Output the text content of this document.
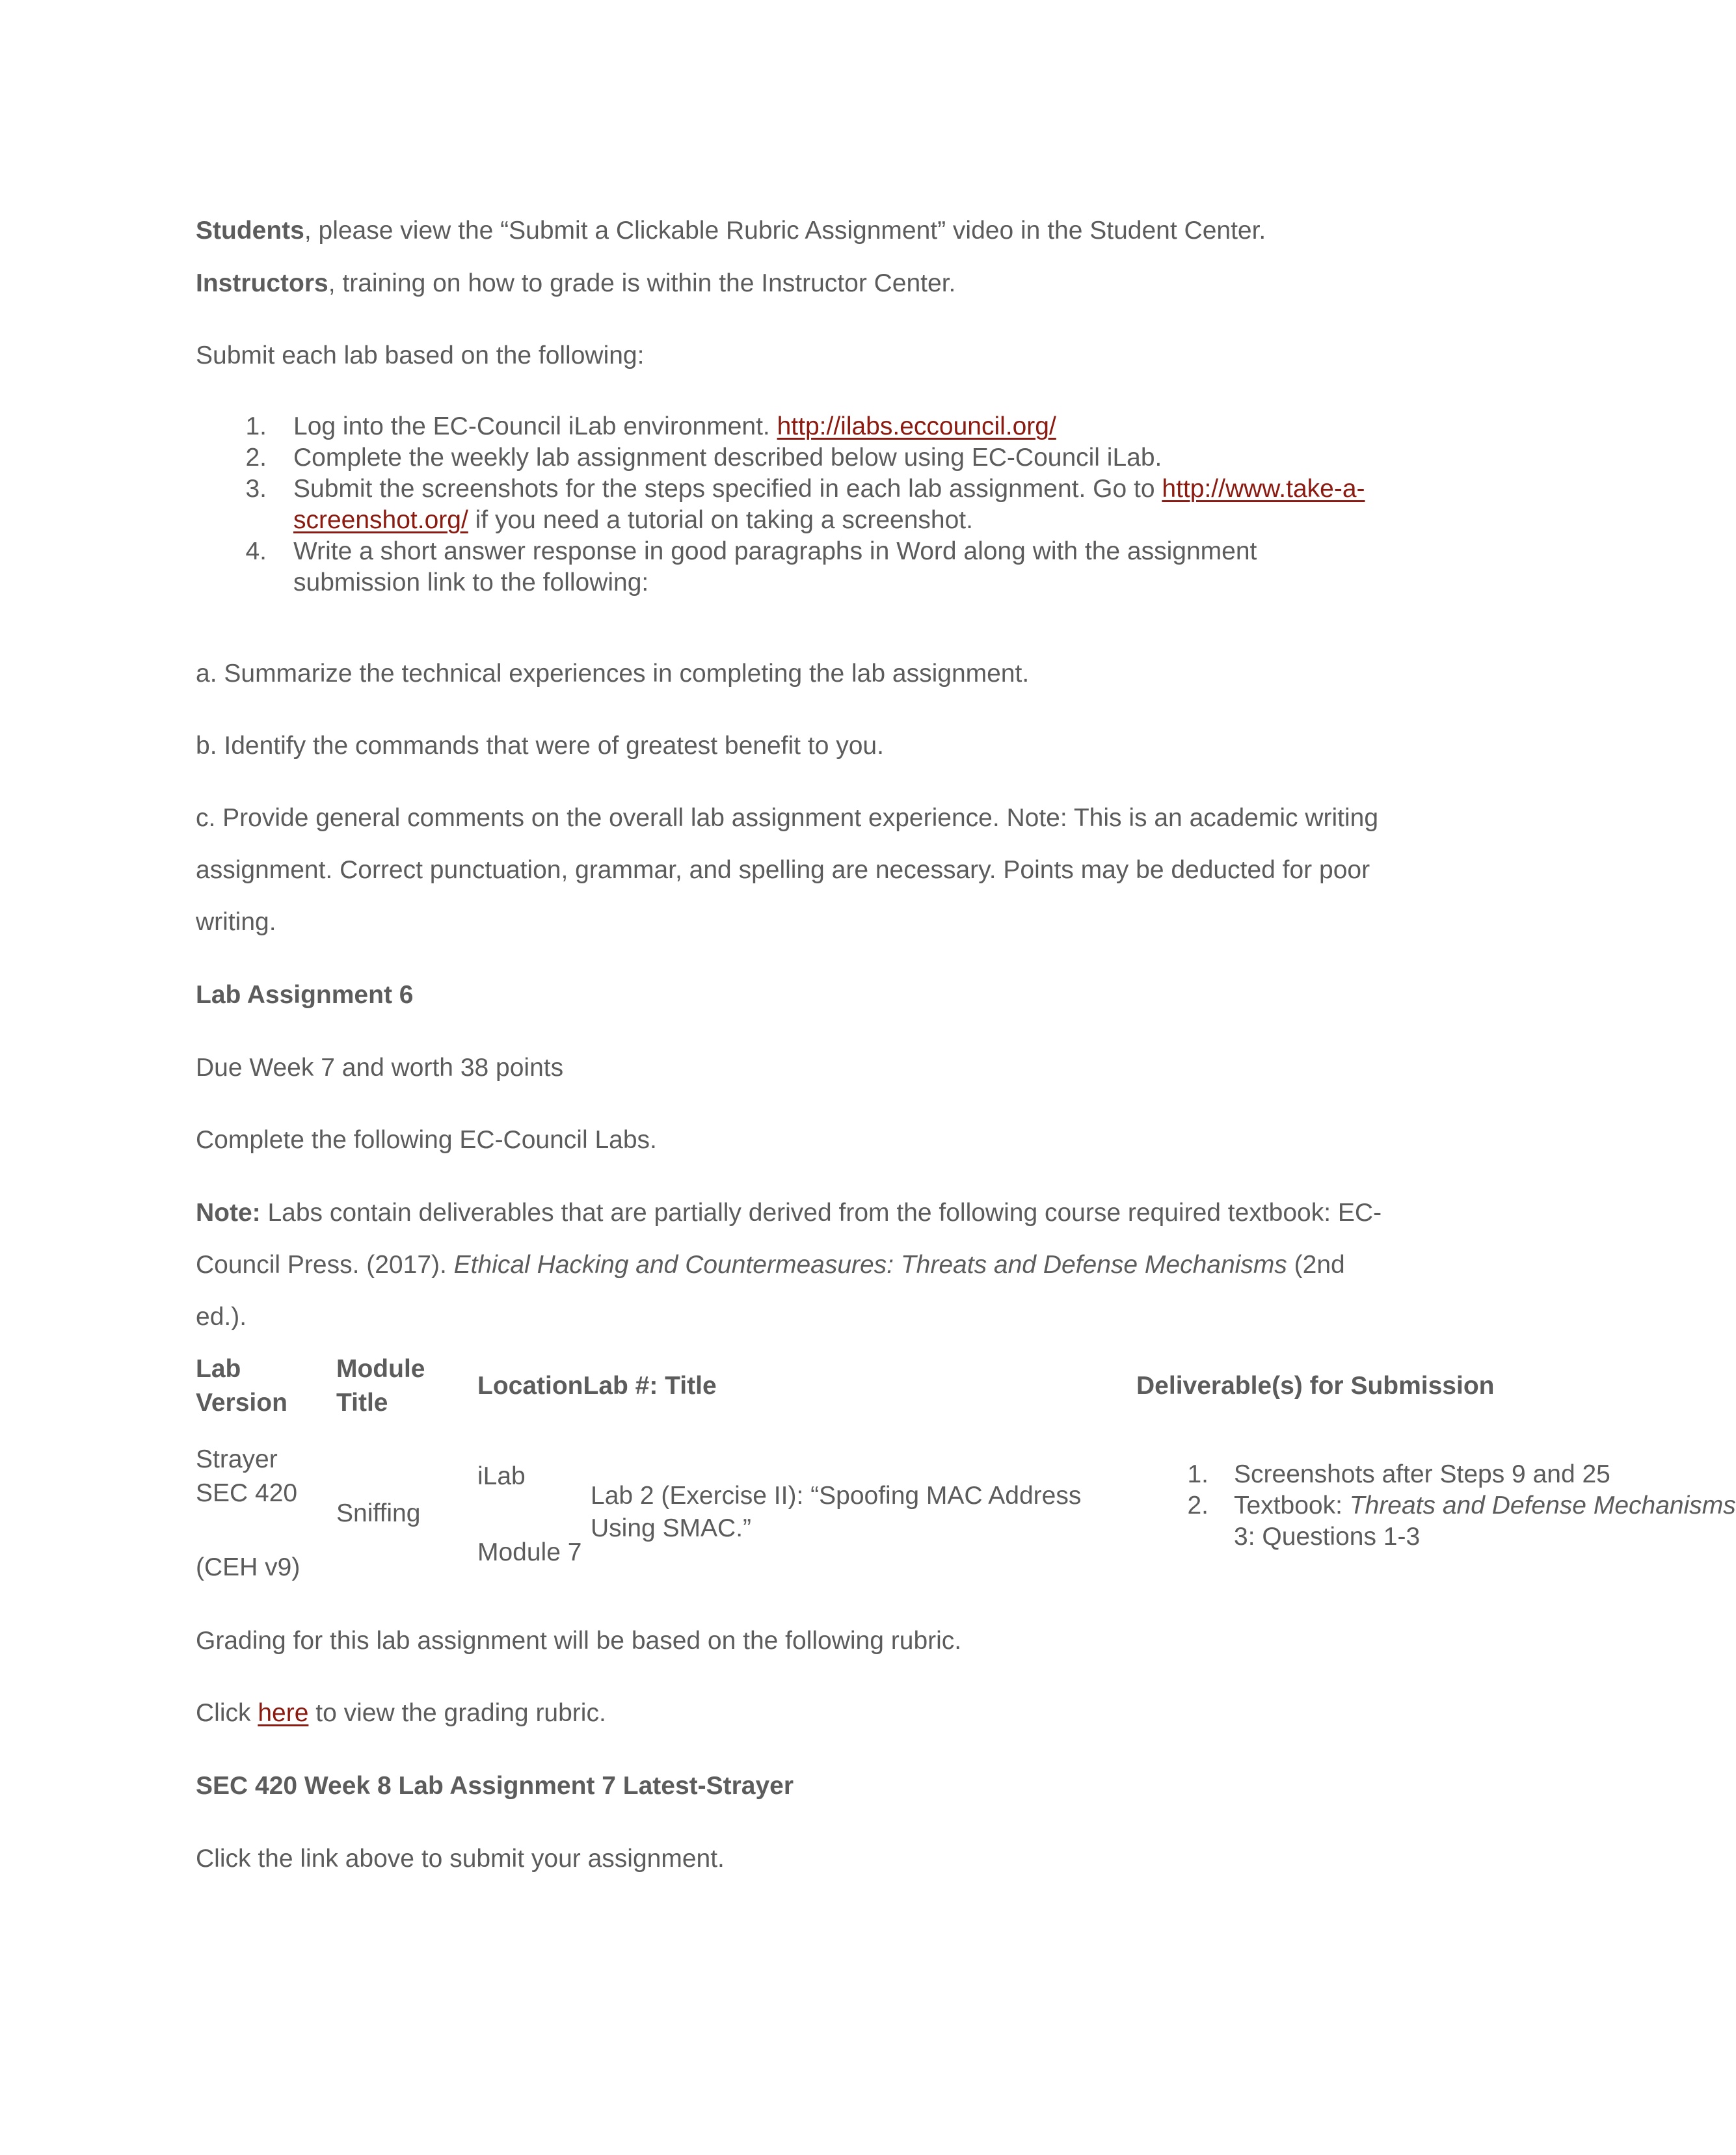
Students, please view the “Submit a Clickable Rubric Assignment” video in the Student Center.
Instructors, training on how to grade is within the Instructor Center.
Submit each lab based on the following:
1. Log into the EC-Council iLab environment. http://ilabs.eccouncil.org/
2. Complete the weekly lab assignment described below using EC-Council iLab.
3. Submit the screenshots for the steps specified in each lab assignment. Go to http://www.take-a-
screenshot.org/ if you need a tutorial on taking a screenshot.
4. Write a short answer response in good paragraphs in Word along with the assignment
submission link to the following:
a. Summarize the technical experiences in completing the lab assignment.
b. Identify the commands that were of greatest benefit to you.
c. Provide general comments on the overall lab assignment experience. Note: This is an academic writing
assignment. Correct punctuation, grammar, and spelling are necessary. Points may be deducted for poor
writing.
Lab Assignment 6
Due Week 7 and worth 38 points
Complete the following EC-Council Labs.
Note: Labs contain deliverables that are partially derived from the following course required textbook: EC-
Council Press. (2017). Ethical Hacking and Countermeasures: Threats and Defense Mechanisms (2nd
ed.).
Lab
Version
Module
Title
LocationLab #: Title	Deliverable(s) for Submission
Strayer
SEC 420
(CEH v9)
Sniffing
iLab
Module 7
Lab 2 (Exercise II): “Spoofing MAC Address
Using SMAC.”
1. Screenshots after Steps 9 and 25
2. Textbook: Threats and Defense Mechanisms
3: Questions 1-3
Grading for this lab assignment will be based on the following rubric.
Click here to view the grading rubric.
SEC 420 Week 8 Lab Assignment 7 Latest-Strayer
Click the link above to submit your assignment.
